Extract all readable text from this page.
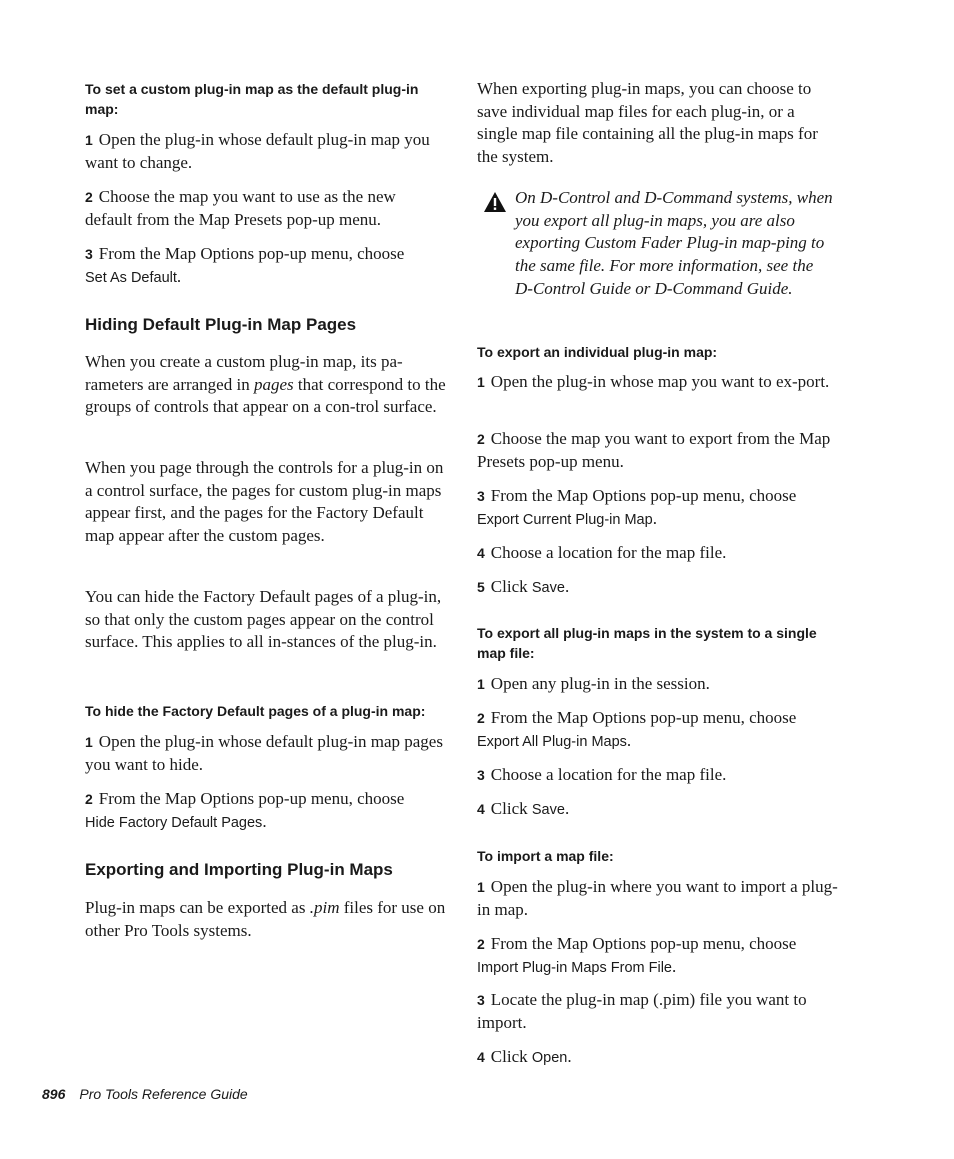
To set a custom plug-in map as the default plug-in map:

1 Open the plug-in whose default plug-in map you want to change.

2 Choose the map you want to use as the new default from the Map Presets pop-up menu.

3 From the Map Options pop-up menu, choose
Set As Default.

Hiding Default Plug-in Map Pages

When you create a custom plug-in map, its pa-rameters are arranged in pages that correspond to the groups of controls that appear on a con-trol surface.

When you page through the controls for a plug-in on a control surface, the pages for custom plug-in maps appear first, and the pages for the Factory Default map appear after the custom pages.

You can hide the Factory Default pages of a plug-in, so that only the custom pages appear on the control surface. This applies to all in-stances of the plug-in.

To hide the Factory Default pages of a plug-in map:

1 Open the plug-in whose default plug-in map pages you want to hide.

2 From the Map Options pop-up menu, choose
Hide Factory Default Pages.

Exporting and Importing Plug-in Maps

Plug-in maps can be exported as .pim files for use on other Pro Tools systems.

When exporting plug-in maps, you can choose to save individual map files for each plug-in, or a single map file containing all the plug-in maps for the system.

On D-Control and D-Command systems, when you export all plug-in maps, you are also exporting Custom Fader Plug-in map-ping to the same file. For more information, see the D-Control Guide or D-Command Guide.

To export an individual plug-in map:

1 Open the plug-in whose map you want to ex-port.

2 Choose the map you want to export from the Map Presets pop-up menu.

3 From the Map Options pop-up menu, choose
Export Current Plug-in Map.

4 Choose a location for the map file.

5 Click Save.

To export all plug-in maps in the system to a single map file:

1 Open any plug-in in the session.

2 From the Map Options pop-up menu, choose
Export All Plug-in Maps.

3 Choose a location for the map file.

4 Click Save.

To import a map file:

1 Open the plug-in where you want to import a plug-in map.

2 From the Map Options pop-up menu, choose
Import Plug-in Maps From File.

3 Locate the plug-in map (.pim) file you want to import.

4 Click Open.

896 Pro Tools Reference Guide
